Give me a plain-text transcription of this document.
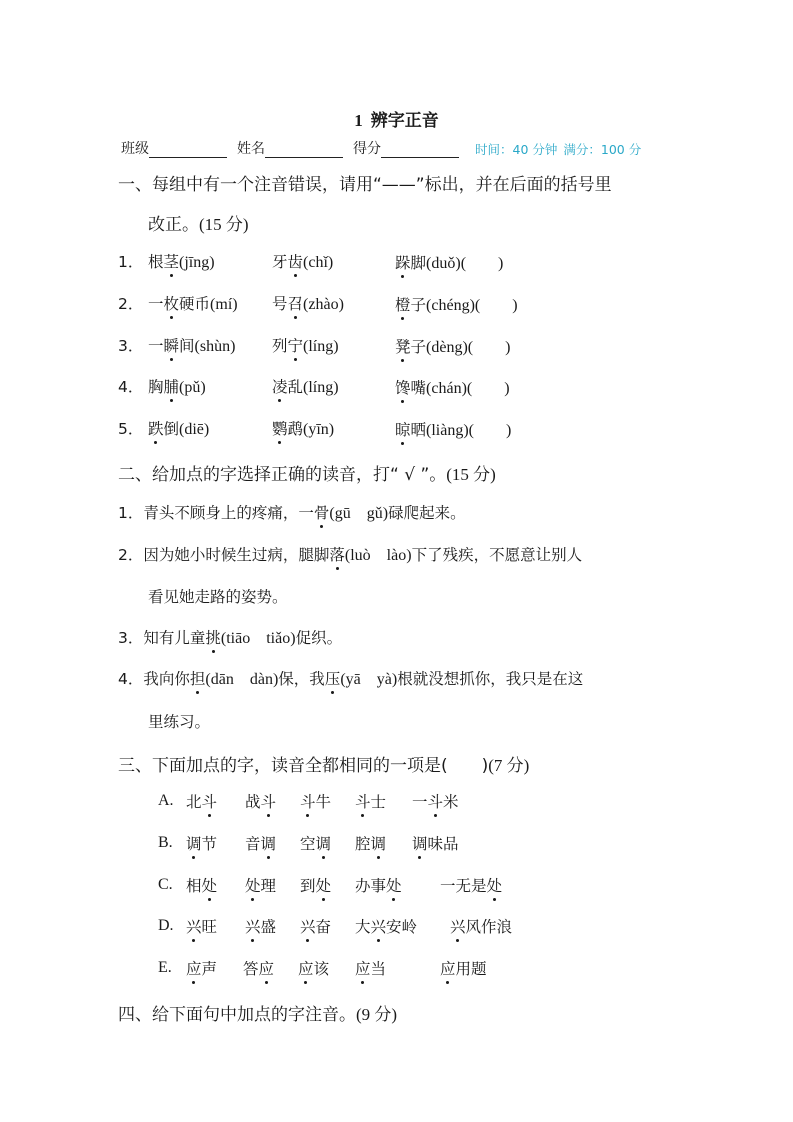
1 辨字正音
班级	姓名	得分	时间：40 分钟 满分：100 分
一、每组中有一个注音错误，请用“——”标出，并在后面的括号里
改正。(15 分)
1． 根茎(jīng)	牙齿(chǐ)	跺脚(duǒ)(　　)
2． 一枚硬币(mí) 号召(zhào)	橙子(chéng)(　　)
3． 一瞬间(shùn) 列宁(líng)	凳子(dèng)(　　)
4． 胸脯(pǔ)	凌乱(líng)	馋嘴(chán)(　　)
5． 跌倒(diē)	鹦鹉(yīn)	晾晒(liàng)(　　)
二、给加点的字选择正确的读音，打“ √ ”。(15 分)
1．青头不顾身上的疼痛，一骨(gū　gǔ)碌爬起来。
2．因为她小时候生过病，腿脚落(luò　lào)下了残疾，不愿意让别人
看见她走路的姿势。
3．知有儿童挑(tiāo　tiǎo)促织。
4．我向你担(dān　dàn)保，我压(yā　yà)根就没想抓你，我只是在这
里练习。
三、下面加点的字，读音全都相同的一项是(　　)(7 分)
A. 北斗 战斗 斗牛 斗士 一斗米
B. 调节 音调 空调 腔调 调味品
C. 相处 处理 到处 办事处 一无是处
D. 兴旺 兴盛 兴奋 大兴安岭 兴风作浪
E. 应声 答应 应该 应当	应用题
四、给下面句中加点的字注音。(9 分)
